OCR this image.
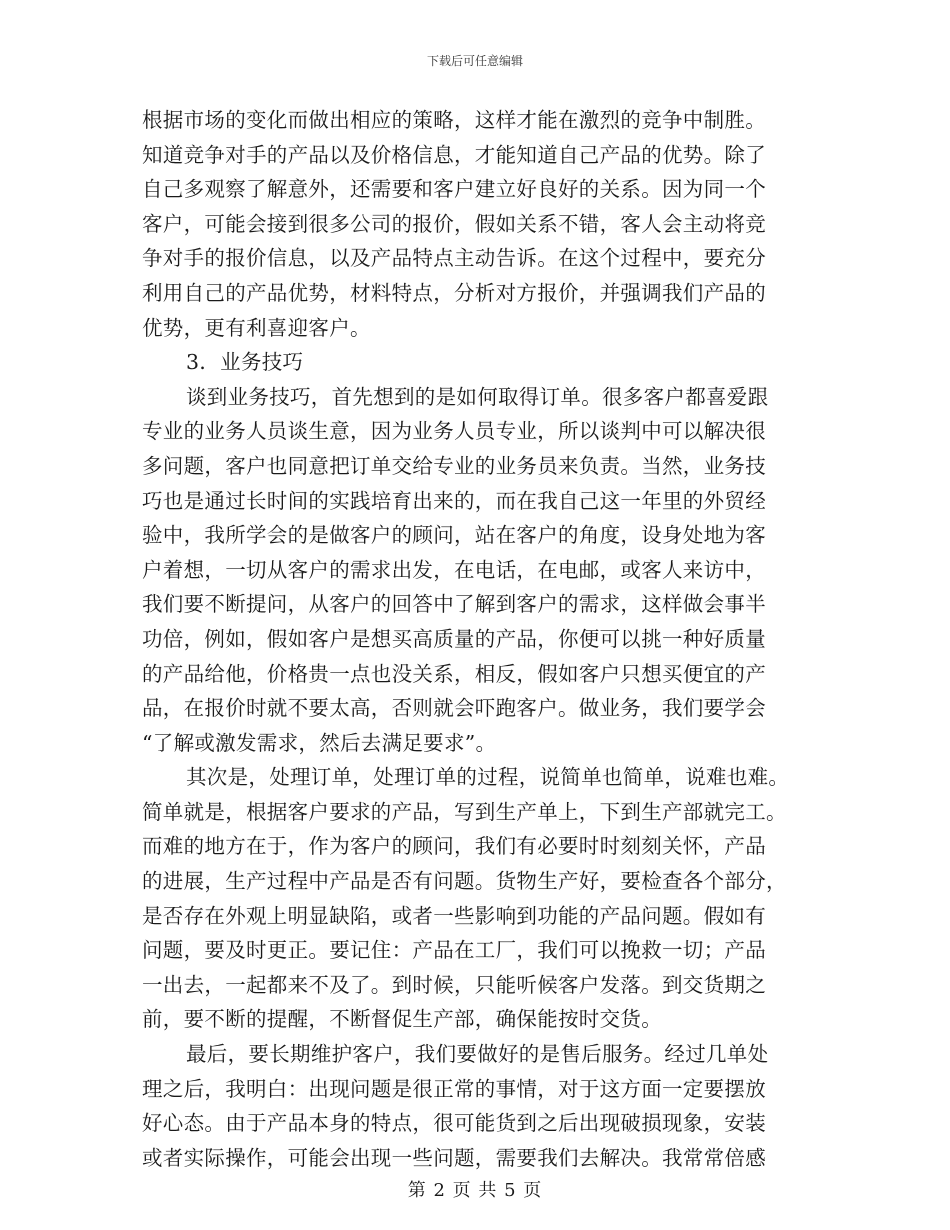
下载后可任意编辑
根据市场的变化而做出相应的策略，这样才能在激烈的竞争中制胜。
知道竞争对手的产品以及价格信息，才能知道自己产品的优势。除了
自己多观察了解意外，还需要和客户建立好良好的关系。因为同一个
客户，可能会接到很多公司的报价，假如关系不错，客人会主动将竞
争对手的报价信息，以及产品特点主动告诉。在这个过程中，要充分
利用自己的产品优势，材料特点，分析对方报价，并强调我们产品的
优势，更有利喜迎客户。
3．业务技巧
谈到业务技巧，首先想到的是如何取得订单。很多客户都喜爱跟
专业的业务人员谈生意，因为业务人员专业，所以谈判中可以解决很
多问题，客户也同意把订单交给专业的业务员来负责。当然，业务技
巧也是通过长时间的实践培育出来的，而在我自己这一年里的外贸经
验中，我所学会的是做客户的顾问，站在客户的角度，设身处地为客
户着想，一切从客户的需求出发，在电话，在电邮，或客人来访中，
我们要不断提问，从客户的回答中了解到客户的需求，这样做会事半
功倍，例如，假如客户是想买高质量的产品，你便可以挑一种好质量
的产品给他，价格贵一点也没关系，相反，假如客户只想买便宜的产
品，在报价时就不要太高，否则就会吓跑客户。做业务，我们要学会
“了解或激发需求，然后去满足要求”。
其次是，处理订单，处理订单的过程，说简单也简单，说难也难。
简单就是，根据客户要求的产品，写到生产单上，下到生产部就完工。
而难的地方在于，作为客户的顾问，我们有必要时时刻刻关怀，产品
的进展，生产过程中产品是否有问题。货物生产好，要检查各个部分，
是否存在外观上明显缺陷，或者一些影响到功能的产品问题。假如有
问题，要及时更正。要记住：产品在工厂，我们可以挽救一切；产品
一出去，一起都来不及了。到时候，只能听候客户发落。到交货期之
前，要不断的提醒，不断督促生产部，确保能按时交货。
最后，要长期维护客户，我们要做好的是售后服务。经过几单处
理之后，我明白：出现问题是很正常的事情，对于这方面一定要摆放
好心态。由于产品本身的特点，很可能货到之后出现破损现象，安装
或者实际操作，可能会出现一些问题，需要我们去解决。我常常倍感
第 2 页 共 5 页
